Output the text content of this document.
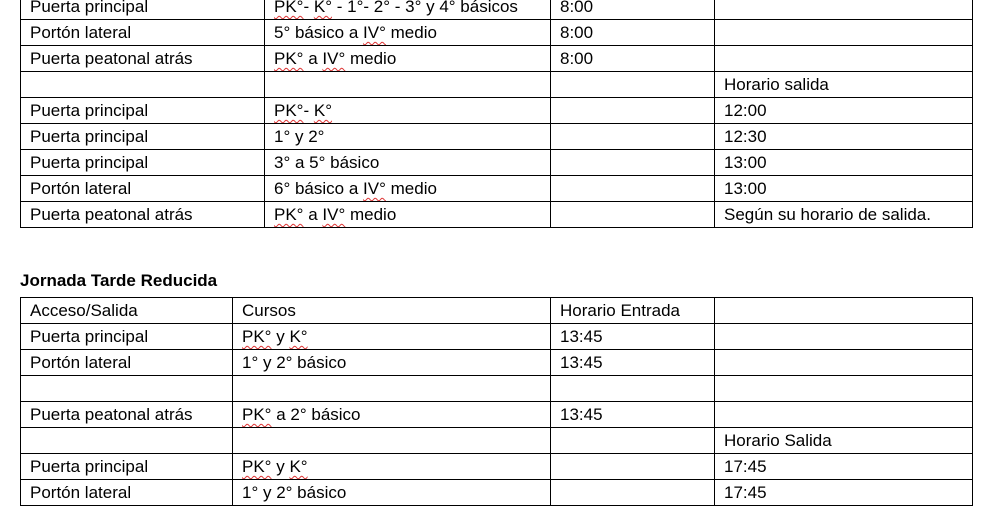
Puerta principal	PK°- K° - 1°- 2° - 3° y 4° básicos	8:00	
Portón lateral	5° básico a IV° medio	8:00	
Puerta peatonal atrás	PK° a IV° medio	8:00	
			Horario salida
Puerta principal	PK°- K°		12:00
Puerta principal	1° y 2°		12:30
Puerta principal	3° a 5° básico		13:00
Portón lateral	6° básico a IV° medio		13:00
Puerta peatonal atrás	PK° a IV° medio		Según su horario de salida.
Jornada Tarde Reducida
Acceso/Salida	Cursos	Horario Entrada	
Puerta principal	PK° y K°	13:45	
Portón lateral	1° y 2° básico	13:45	

Puerta peatonal atrás	PK° a 2° básico	13:45	
			Horario Salida
Puerta principal	PK° y K°		17:45
Portón lateral	1° y 2° básico		17:45
